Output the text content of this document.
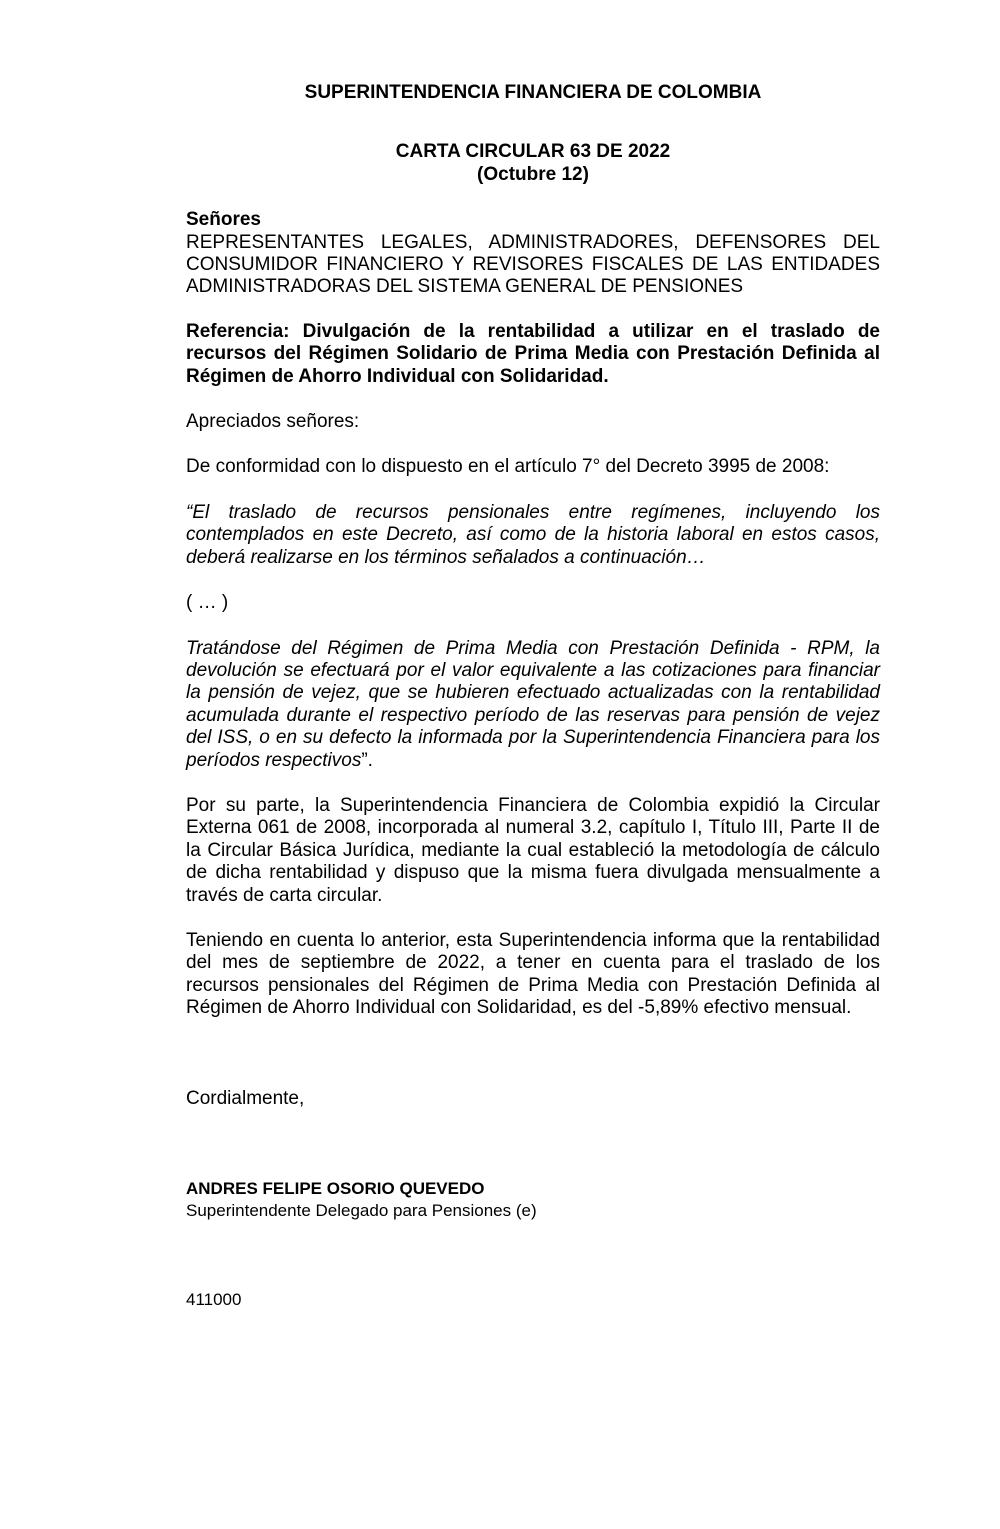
SUPERINTENDENCIA FINANCIERA DE COLOMBIA

CARTA CIRCULAR 63 DE 2022

(Octubre 12)

Señores

REPRESENTANTES LEGALES, ADMINISTRADORES, DEFENSORES DEL CONSUMIDOR FINANCIERO Y REVISORES FISCALES DE LAS ENTIDADES ADMINISTRADORAS DEL SISTEMA GENERAL DE PENSIONES

Referencia: Divulgación de la rentabilidad a utilizar en el traslado de recursos del Régimen Solidario de Prima Media con Prestación Definida al Régimen de Ahorro Individual con Solidaridad.

Apreciados señores:

De conformidad con lo dispuesto en el artículo 7° del Decreto 3995 de 2008:

“El traslado de recursos pensionales entre regímenes, incluyendo los contemplados en este Decreto, así como de la historia laboral en estos casos, deberá realizarse en los términos señalados a continuación…

( … )

Tratándose del Régimen de Prima Media con Prestación Definida - RPM, la devolución se efectuará por el valor equivalente a las cotizaciones para financiar la pensión de vejez, que se hubieren efectuado actualizadas con la rentabilidad acumulada durante el respectivo período de las reservas para pensión de vejez del ISS, o en su defecto la informada por la Superintendencia Financiera para los períodos respectivos”.

Por su parte, la Superintendencia Financiera de Colombia expidió la Circular Externa 061 de 2008, incorporada al numeral 3.2, capítulo I, Título III, Parte II de la Circular Básica Jurídica, mediante la cual estableció la metodología de cálculo de dicha rentabilidad y dispuso que la misma fuera divulgada mensualmente a través de carta circular.

Teniendo en cuenta lo anterior, esta Superintendencia informa que la rentabilidad del mes de septiembre de 2022, a tener en cuenta para el traslado de los recursos pensionales del Régimen de Prima Media con Prestación Definida al Régimen de Ahorro Individual con Solidaridad, es del -5,89% efectivo mensual.

Cordialmente,

ANDRES FELIPE OSORIO QUEVEDO

Superintendente Delegado para Pensiones (e)

411000
